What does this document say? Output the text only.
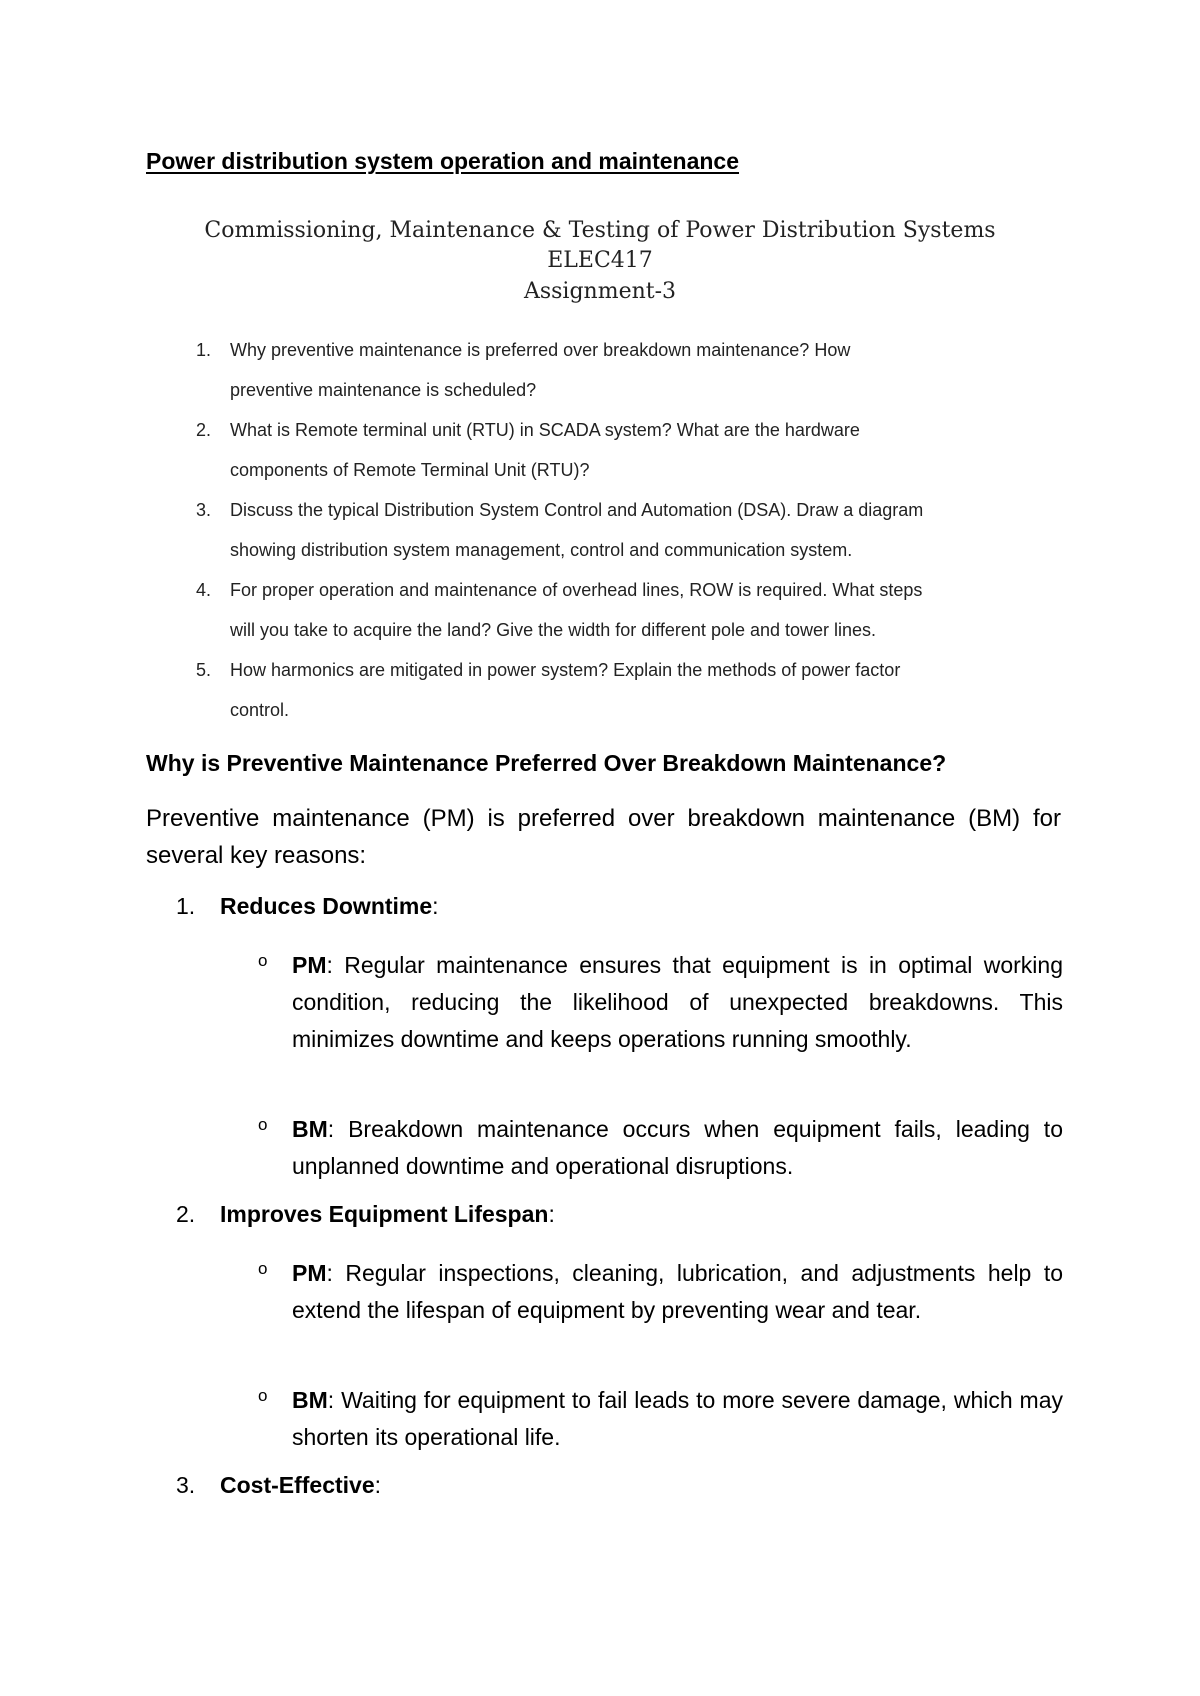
Power distribution system operation and maintenance
Commissioning, Maintenance & Testing of Power Distribution Systems
ELEC417
Assignment-3
1.	Why preventive maintenance is preferred over breakdown maintenance? How
preventive maintenance is scheduled?
2.	What is Remote terminal unit (RTU) in SCADA system? What are the hardware
components of Remote Terminal Unit (RTU)?
3.	Discuss the typical Distribution System Control and Automation (DSA). Draw a diagram
showing distribution system management, control and communication system.
4.	For proper operation and maintenance of overhead lines, ROW is required. What steps
will you take to acquire the land? Give the width for different pole and tower lines.
5.	How harmonics are mitigated in power system? Explain the methods of power factor
control.
Why is Preventive Maintenance Preferred Over Breakdown Maintenance?
Preventive maintenance (PM) is preferred over breakdown maintenance (BM) for several key reasons:
1. Reduces Downtime:
o PM: Regular maintenance ensures that equipment is in optimal working condition, reducing the likelihood of unexpected breakdowns. This minimizes downtime and keeps operations running smoothly.
o BM: Breakdown maintenance occurs when equipment fails, leading to unplanned downtime and operational disruptions.
2. Improves Equipment Lifespan:
o PM: Regular inspections, cleaning, lubrication, and adjustments help to extend the lifespan of equipment by preventing wear and tear.
o BM: Waiting for equipment to fail leads to more severe damage, which may shorten its operational life.
3. Cost-Effective:
